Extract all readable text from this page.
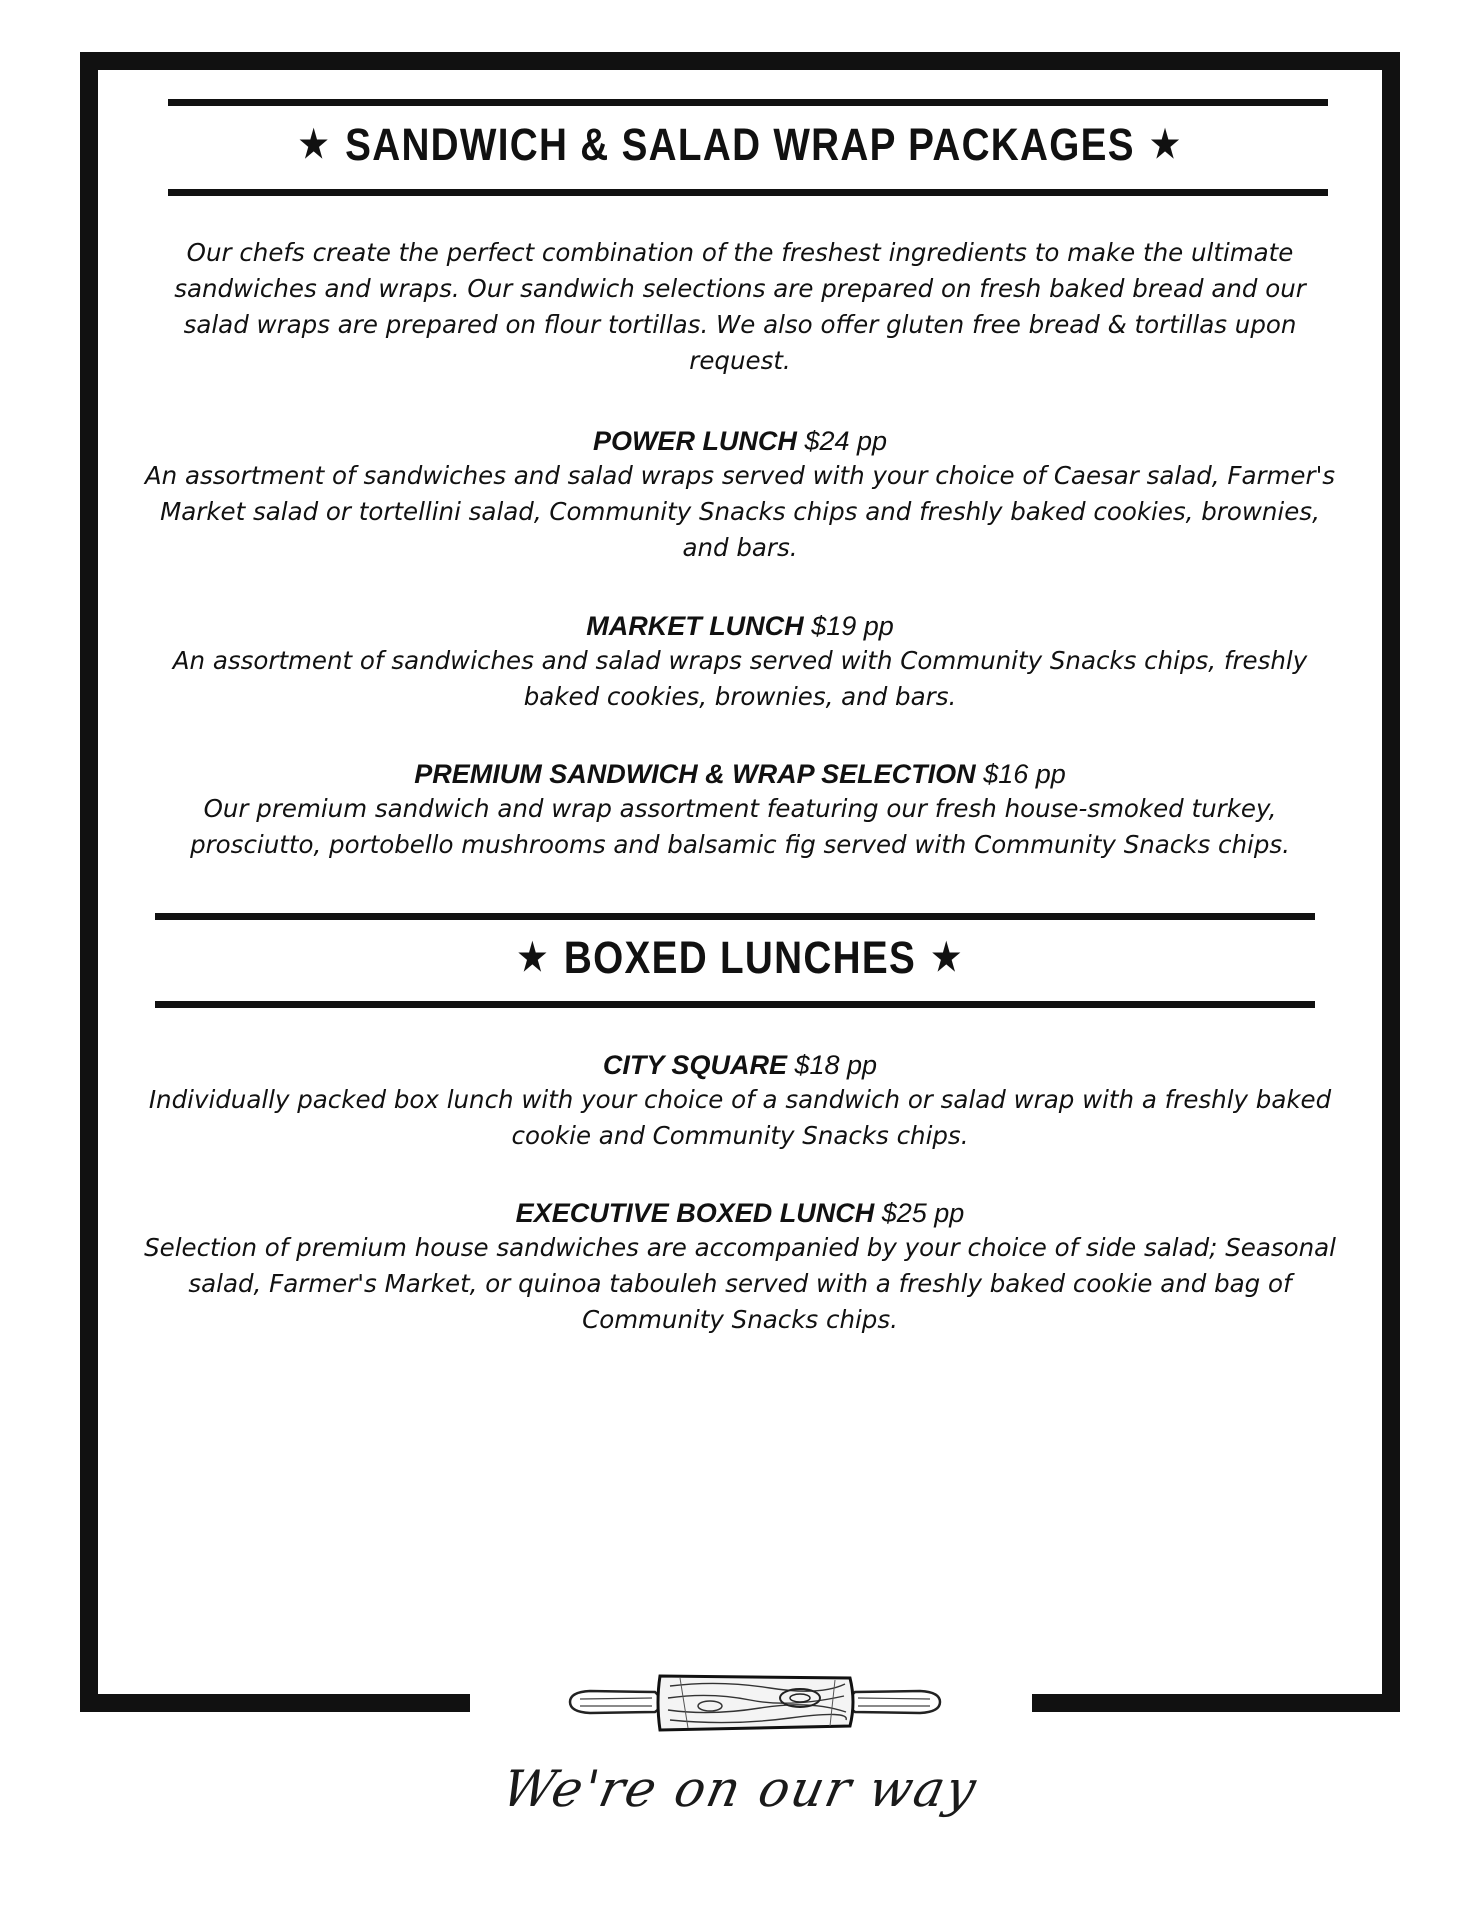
★ SANDWICH & SALAD WRAP PACKAGES ★
Our chefs create the perfect combination of the freshest ingredients to make the ultimate sandwiches and wraps. Our sandwich selections are prepared on fresh baked bread and our salad wraps are prepared on flour tortillas. We also offer gluten free bread & tortillas upon request.
POWER LUNCH $24 pp
An assortment of sandwiches and salad wraps served with your choice of Caesar salad, Farmer's Market salad or tortellini salad, Community Snacks chips and freshly baked cookies, brownies, and bars.
MARKET LUNCH $19 pp
An assortment of sandwiches and salad wraps served with Community Snacks chips, freshly baked cookies, brownies, and bars.
PREMIUM SANDWICH & WRAP SELECTION $16 pp
Our premium sandwich and wrap assortment featuring our fresh house-smoked turkey, prosciutto, portobello mushrooms and balsamic fig served with Community Snacks chips.
★ BOXED LUNCHES ★
CITY SQUARE $18 pp
Individually packed box lunch with your choice of a sandwich or salad wrap with a freshly baked cookie and Community Snacks chips.
EXECUTIVE BOXED LUNCH $25 pp
Selection of premium house sandwiches are accompanied by your choice of side salad; Seasonal salad, Farmer's Market, or quinoa tabouleh served with a freshly baked cookie and bag of Community Snacks chips.
We're on our way
